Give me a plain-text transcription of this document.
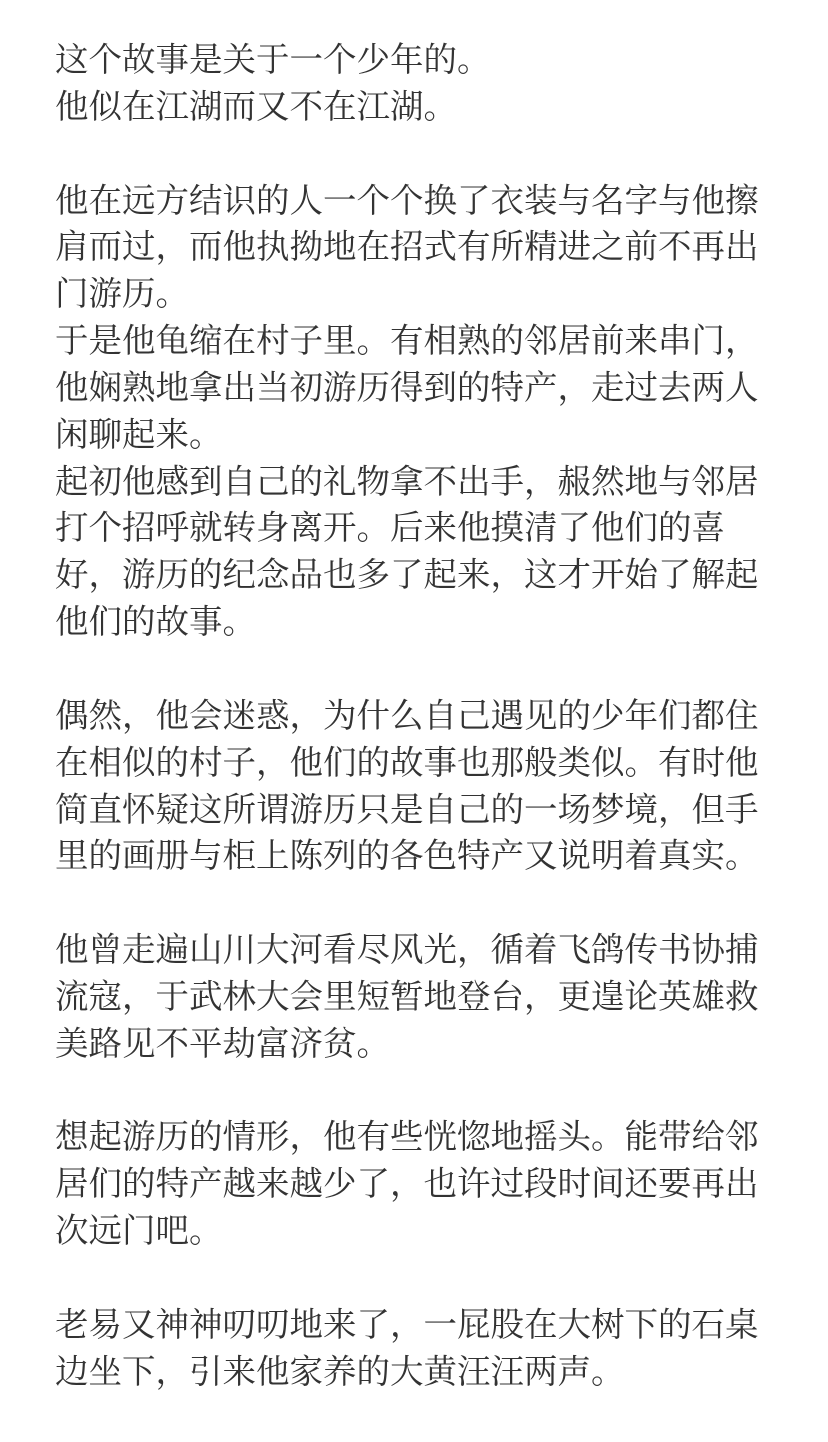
这个故事是关于一个少年的。
他似在江湖而又不在江湖。
他在远方结识的人一个个换了衣装与名字与他擦
肩而过，而他执拗地在招式有所精进之前不再出
门游历。
于是他龟缩在村子里。有相熟的邻居前来串门，
他娴熟地拿出当初游历得到的特产，走过去两人
闲聊起来。
起初他感到自己的礼物拿不出手，赧然地与邻居
打个招呼就转身离开。后来他摸清了他们的喜
好，游历的纪念品也多了起来，这才开始了解起
他们的故事。
偶然，他会迷惑，为什么自己遇见的少年们都住
在相似的村子，他们的故事也那般类似。有时他
简直怀疑这所谓游历只是自己的一场梦境，但手
里的画册与柜上陈列的各色特产又说明着真实。
他曾走遍山川大河看尽风光，循着飞鸽传书协捕
流寇，于武林大会里短暂地登台，更遑论英雄救
美路见不平劫富济贫。
想起游历的情形，他有些恍惚地摇头。能带给邻
居们的特产越来越少了，也许过段时间还要再出
次远门吧。
老易又神神叨叨地来了，一屁股在大树下的石桌
边坐下，引来他家养的大黄汪汪两声。
